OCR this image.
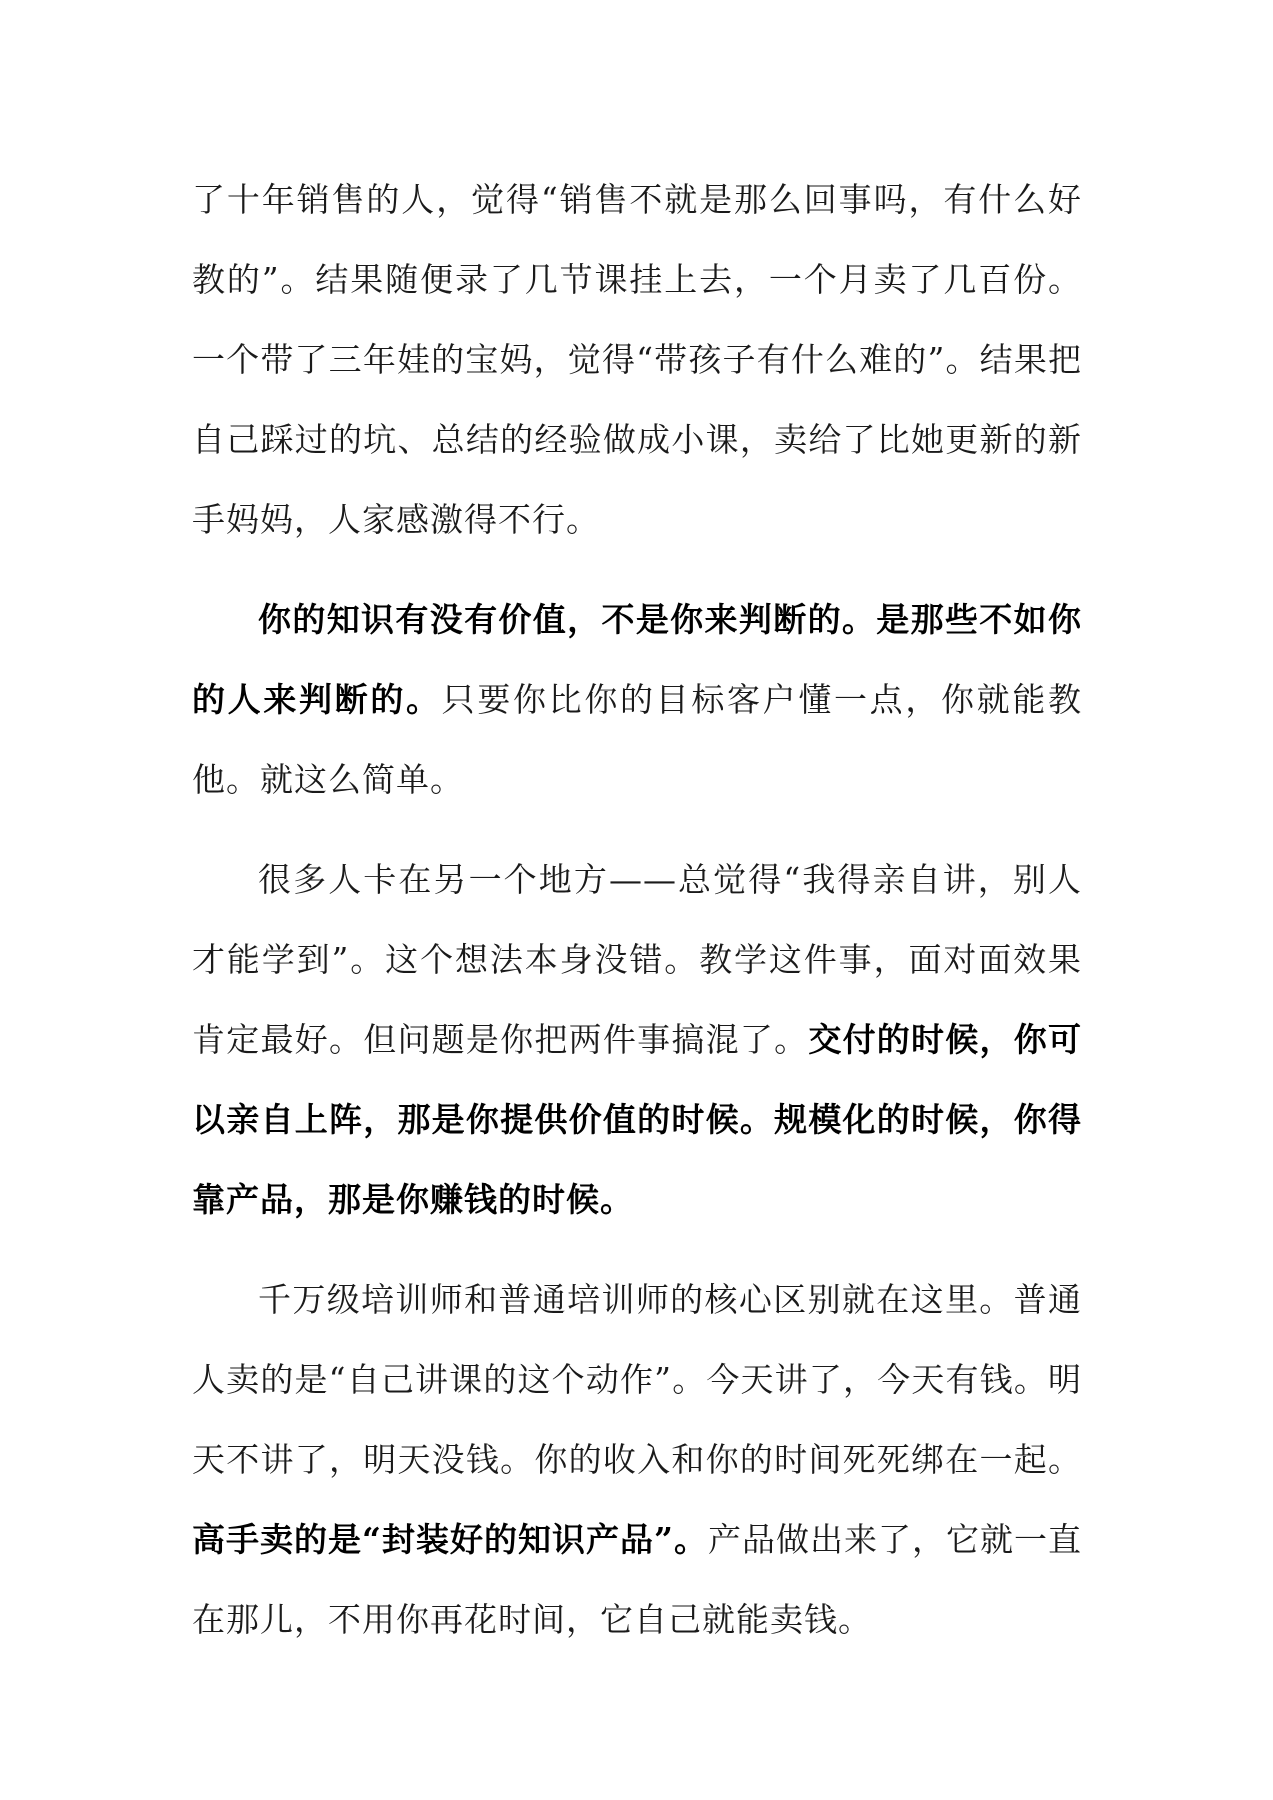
了十年销售的人，觉得“销售不就是那么回事吗，有什么好教的”。结果随便录了几节课挂上去，一个月卖了几百份。一个带了三年娃的宝妈，觉得“带孩子有什么难的”。结果把自己踩过的坑、总结的经验做成小课，卖给了比她更新的新手妈妈，人家感激得不行。

你的知识有没有价值，不是你来判断的。是那些不如你的人来判断的。只要你比你的目标客户懂一点，你就能教他。就这么简单。

很多人卡在另一个地方——总觉得“我得亲自讲，别人才能学到”。这个想法本身没错。教学这件事，面对面效果肯定最好。但问题是你把两件事搞混了。交付的时候，你可以亲自上阵，那是你提供价值的时候。规模化的时候，你得靠产品，那是你赚钱的时候。

千万级培训师和普通培训师的核心区别就在这里。普通人卖的是“自己讲课的这个动作”。今天讲了，今天有钱。明天不讲了，明天没钱。你的收入和你的时间死死绑在一起。高手卖的是“封装好的知识产品”。产品做出来了，它就一直在那儿，不用你再花时间，它自己就能卖钱。
